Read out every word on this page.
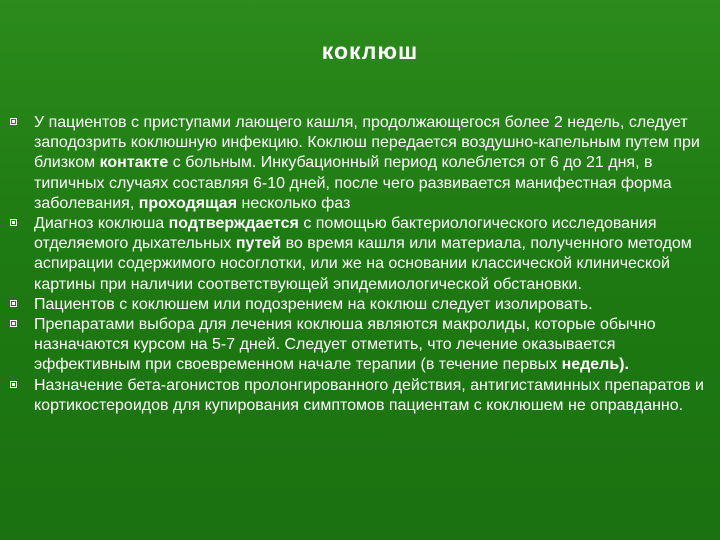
коклюш
У пациентов с приступами лающего кашля, продолжающегося более 2 недель, следует заподозрить коклюшную инфекцию. Коклюш передается воздушно-капельным путем при близком контакте с больным. Инкубационный период колеблется от 6 до 21 дня, в типичных случаях составляя 6-10 дней, после чего развивается манифестная форма заболевания, проходящая несколько фаз
Диагноз коклюша подтверждается с помощью бактериологического исследования отделяемого дыхательных путей во время кашля или материала, полученного методом аспирации содержимого носоглотки, или же на основании классической клинической картины при наличии соответствующей эпидемиологической обстановки.
Пациентов с коклюшем или подозрением на коклюш следует изолировать.
Препаратами выбора для лечения коклюша являются макролиды, которые обычно назначаются курсом на 5-7 дней. Следует отметить, что лечение оказывается эффективным при своевременном начале терапии (в течение первых недель).
Назначение бета-агонистов пролонгированного действия, антигистаминных препаратов и кортикостероидов для купирования симптомов пациентам с коклюшем не оправданно.
